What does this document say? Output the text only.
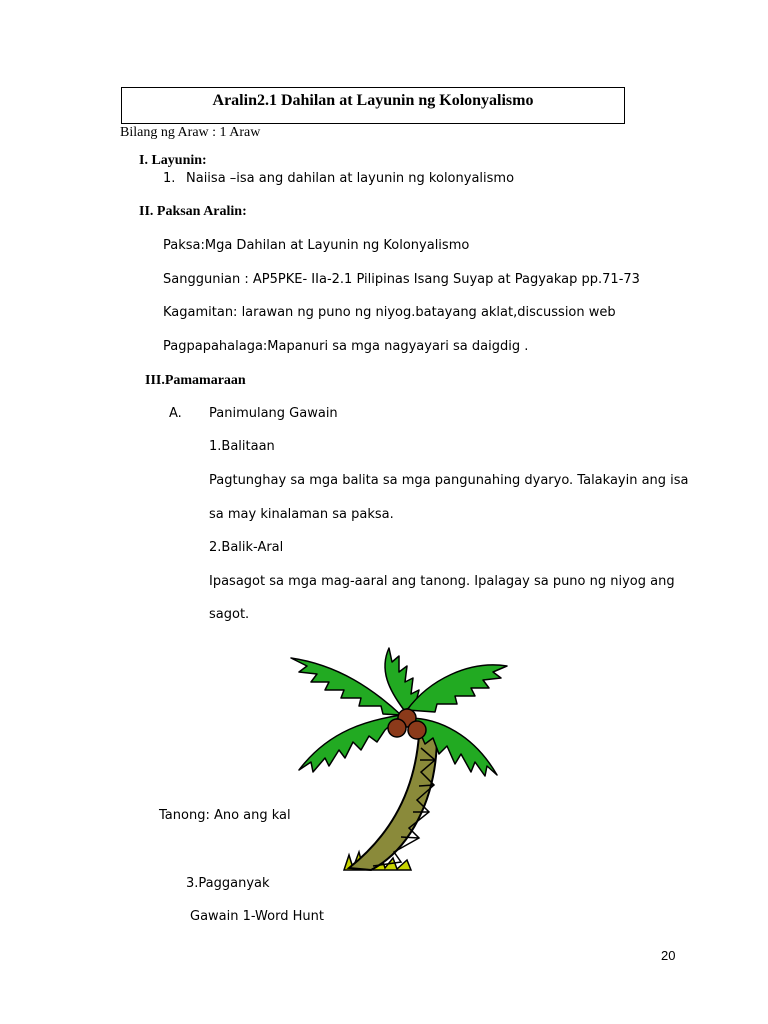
Aralin2.1 Dahilan at Layunin ng Kolonyalismo
Bilang ng Araw : 1 Araw
I. Layunin:
1. Naiisa –isa ang dahilan at layunin ng kolonyalismo
II. Paksan Aralin:
Paksa:Mga Dahilan at Layunin ng Kolonyalismo
Sanggunian : AP5PKE- IIa-2.1 Pilipinas Isang Suyap at Pagyakap pp.71-73
Kagamitan: larawan ng puno ng niyog.batayang aklat,discussion web
Pagpapahalaga:Mapanuri sa mga nagyayari sa daigdig .
III.Pamamaraan
A. Panimulang Gawain
1.Balitaan
Pagtunghay sa mga balita sa mga pangunahing dyaryo. Talakayin ang isa
sa may kinalaman sa paksa.
2.Balik-Aral
Ipasagot sa mga mag-aaral ang tanong. Ipalagay sa puno ng niyog ang
sagot.
Tanong: Ano ang kal
3.Pagganyak
Gawain 1-Word Hunt
20
